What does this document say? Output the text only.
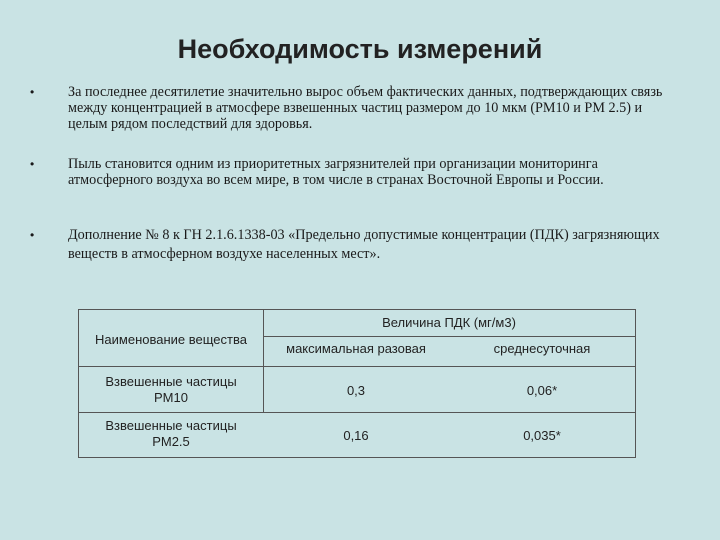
Необходимость измерений
• За последнее десятилетие значительно вырос объем фактических данных, подтверждающих связь между концентрацией в атмосфере взвешенных частиц размером до 10 мкм (PM10 и PM 2.5) и целым рядом последствий для здоровья.
• Пыль становится одним из приоритетных загрязнителей при организации мониторинга атмосферного воздуха во всем мире, в том числе в странах Восточной Европы и России.
• Дополнение № 8 к ГН 2.1.6.1338-03 «Предельно допустимые концентрации (ПДК) загрязняющих веществ в атмосферном воздухе населенных мест».
Наименование вещества
Величина ПДК (мг/м3)
максимальная разовая	среднесуточная
Взвешенные частицы PM10	0,3	0,06*
Взвешенные частицы PM2.5	0,16	0,035*
